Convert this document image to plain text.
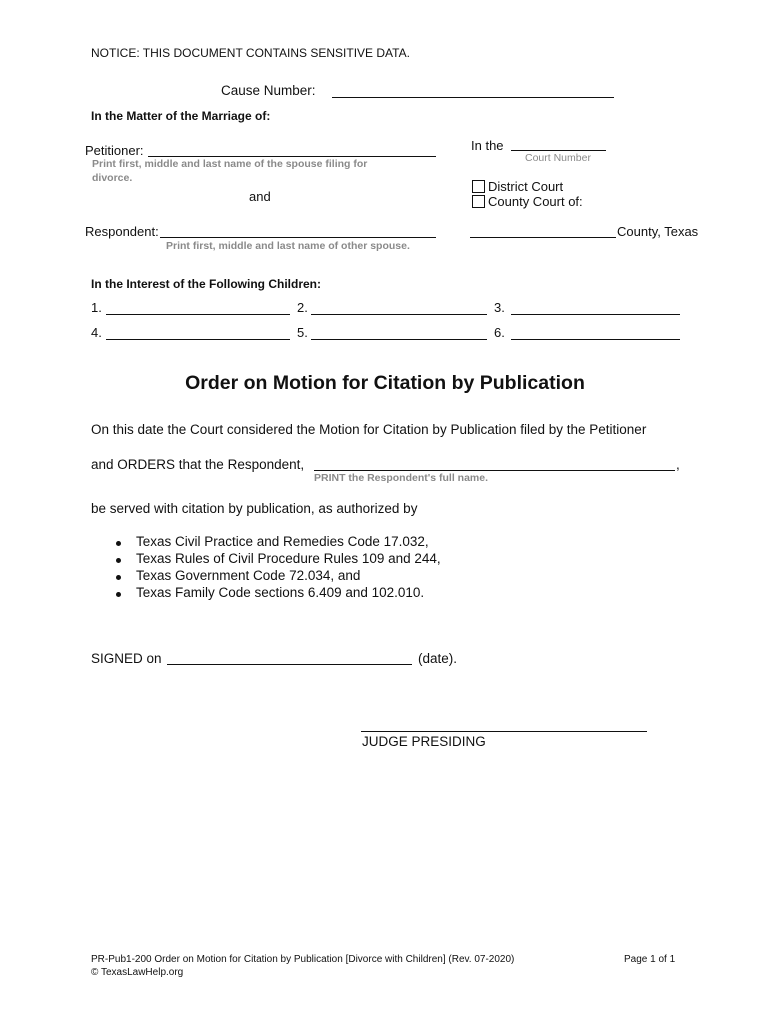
NOTICE: THIS DOCUMENT CONTAINS SENSITIVE DATA.
Cause Number:
In the Matter of the Marriage of:
Petitioner:
Print first, middle and last name of the spouse filing for
divorce.
and
Respondent:
Print first, middle and last name of other spouse.
In the
Court Number
District Court
County Court of:
County, Texas
In the Interest of the Following Children:
1.	2.	3.
4.	5.	6.
Order on Motion for Citation by Publication
On this date the Court considered the Motion for Citation by Publication filed by the Petitioner
and ORDERS that the Respondent,	,
PRINT the Respondent's full name.
be served with citation by publication, as authorized by
Texas Civil Practice and Remedies Code 17.032,
Texas Rules of Civil Procedure Rules 109 and 244,
Texas Government Code 72.034, and
Texas Family Code sections 6.409 and 102.010.
SIGNED on	(date).
JUDGE PRESIDING
PR-Pub1-200 Order on Motion for Citation by Publication [Divorce with Children] (Rev. 07-2020)
© TexasLawHelp.org
Page 1 of 1
